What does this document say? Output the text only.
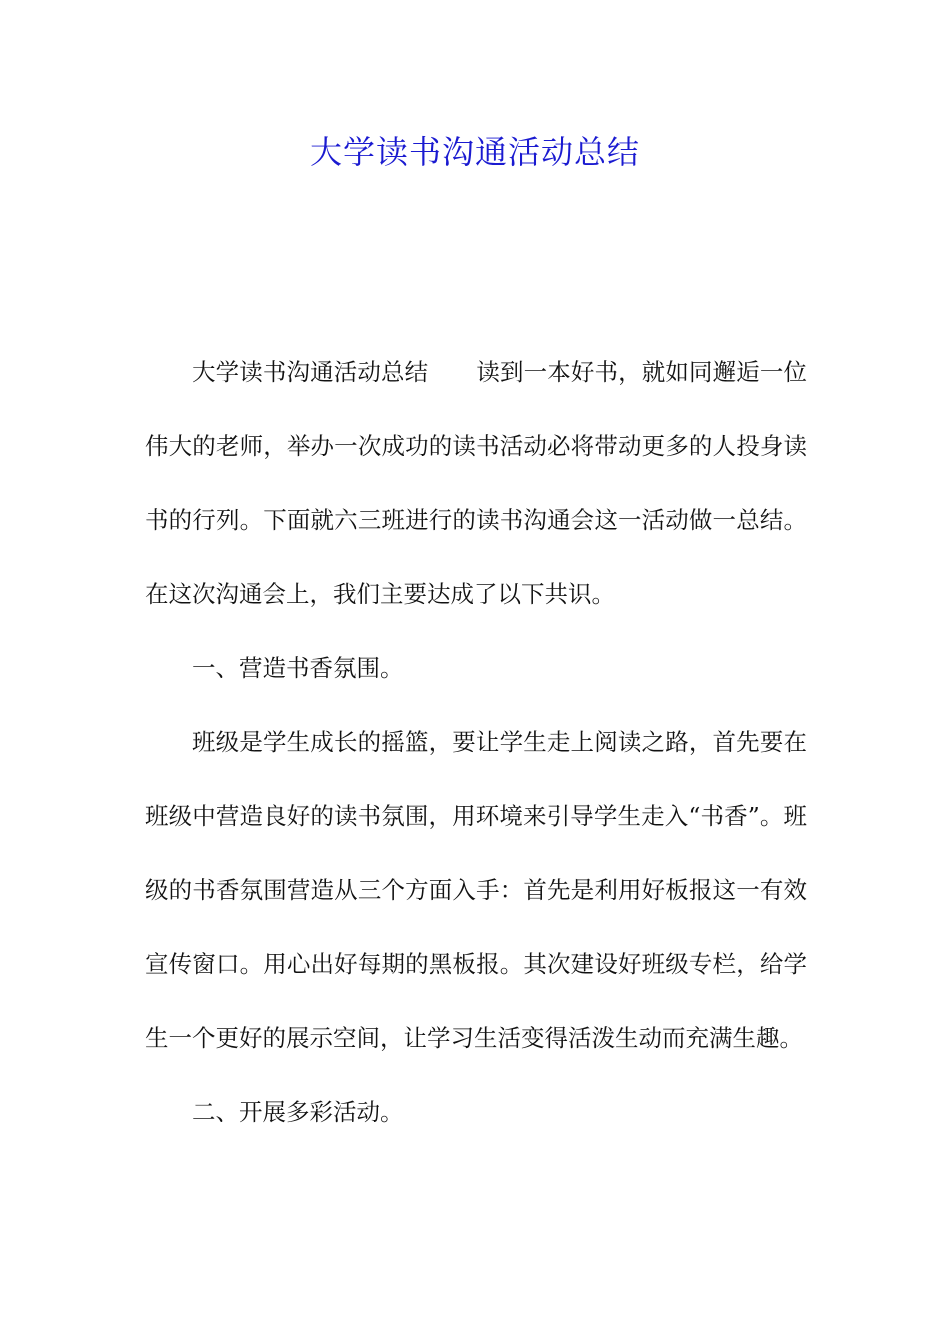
大学读书沟通活动总结

大学读书沟通活动总结 读到一本好书，就如同邂逅一位伟大的老师，举办一次成功的读书活动必将带动更多的人投身读书的行列。下面就六三班进行的读书沟通会这一活动做一总结。在这次沟通会上，我们主要达成了以下共识。

一、营造书香氛围。

班级是学生成长的摇篮，要让学生走上阅读之路，首先要在班级中营造良好的读书氛围，用环境来引导学生走入“书香”。班级的书香氛围营造从三个方面入手：首先是利用好板报这一有效宣传窗口。用心出好每期的黑板报。其次建设好班级专栏，给学生一个更好的展示空间，让学习生活变得活泼生动而充满生趣。

二、开展多彩活动。
